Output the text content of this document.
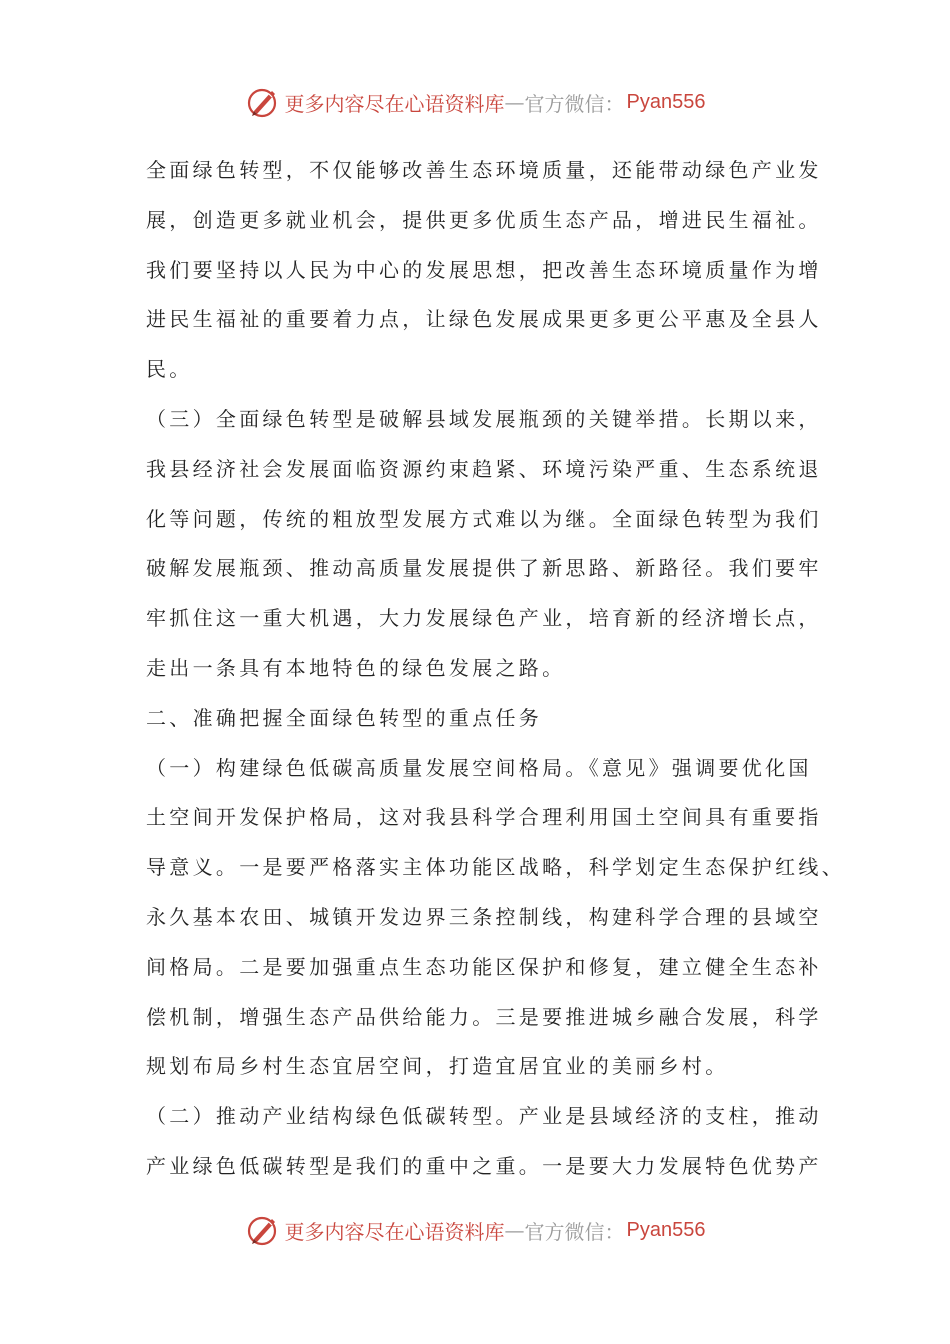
更多内容尽在心语资料库 — 官方微信： Pyan556
全面绿色转型，不仅能够改善生态环境质量，还能带动绿色产业发
展，创造更多就业机会，提供更多优质生态产品，增进民生福祉。
我们要坚持以人民为中心的发展思想，把改善生态环境质量作为增
进民生福祉的重要着力点，让绿色发展成果更多更公平惠及全县人
民。
（三）全面绿色转型是破解县域发展瓶颈的关键举措。长期以来，
我县经济社会发展面临资源约束趋紧、环境污染严重、生态系统退
化等问题，传统的粗放型发展方式难以为继。全面绿色转型为我们
破解发展瓶颈、推动高质量发展提供了新思路、新路径。我们要牢
牢抓住这一重大机遇，大力发展绿色产业，培育新的经济增长点，
走出一条具有本地特色的绿色发展之路。
二、准确把握全面绿色转型的重点任务
（一）构建绿色低碳高质量发展空间格局。《意见》强调要优化国
土空间开发保护格局，这对我县科学合理利用国土空间具有重要指
导意义。一是要严格落实主体功能区战略，科学划定生态保护红线、
永久基本农田、城镇开发边界三条控制线，构建科学合理的县域空
间格局。二是要加强重点生态功能区保护和修复，建立健全生态补
偿机制，增强生态产品供给能力。三是要推进城乡融合发展，科学
规划布局乡村生态宜居空间，打造宜居宜业的美丽乡村。
（二）推动产业结构绿色低碳转型。产业是县域经济的支柱，推动
产业绿色低碳转型是我们的重中之重。一是要大力发展特色优势产
更多内容尽在心语资料库 — 官方微信： Pyan556
